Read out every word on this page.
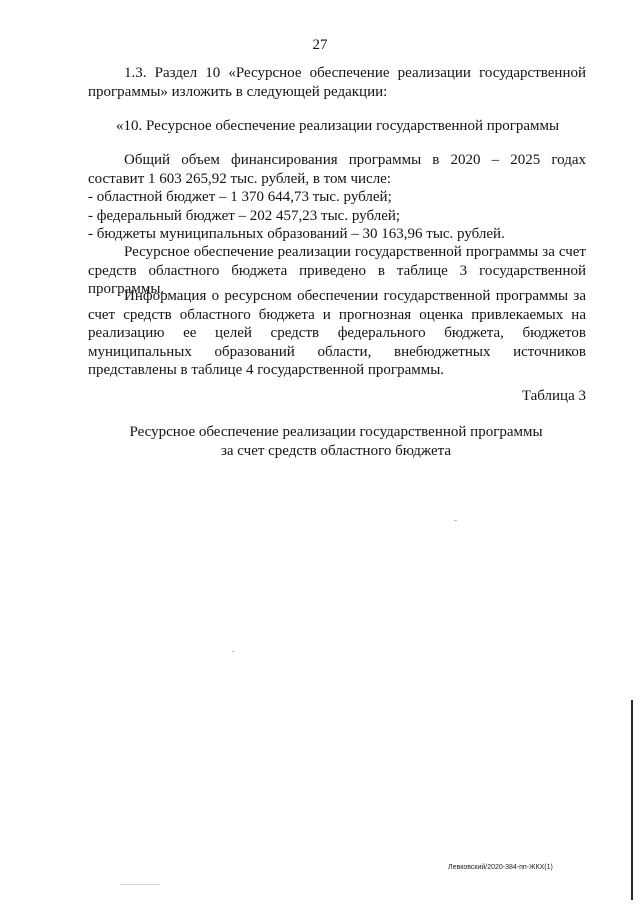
27
1.3. Раздел 10 «Ресурсное обеспечение реализации государственной
программы» изложить в следующей редакции:
«10. Ресурсное обеспечение реализации государственной программы
Общий объем финансирования программы в 2020 – 2025 годах
составит 1 603 265,92 тыс. рублей, в том числе:
- областной бюджет – 1 370 644,73 тыс. рублей;
- федеральный бюджет – 202 457,23 тыс. рублей;
- бюджеты муниципальных образований – 30 163,96 тыс. рублей.
Ресурсное обеспечение реализации государственной программы за счет
средств областного бюджета приведено в таблице 3 государственной
программы.
Информация о ресурсном обеспечении государственной программы за
счет средств областного бюджета и прогнозная оценка привлекаемых на
реализацию ее целей средств федерального бюджета, бюджетов
муниципальных образований области, внебюджетных источников
представлены в таблице 4 государственной программы.
Таблица 3
Ресурсное обеспечение реализации государственной программы
за счет средств областного бюджета
Левковский/2020-384-пп-ЖКХ(1)
